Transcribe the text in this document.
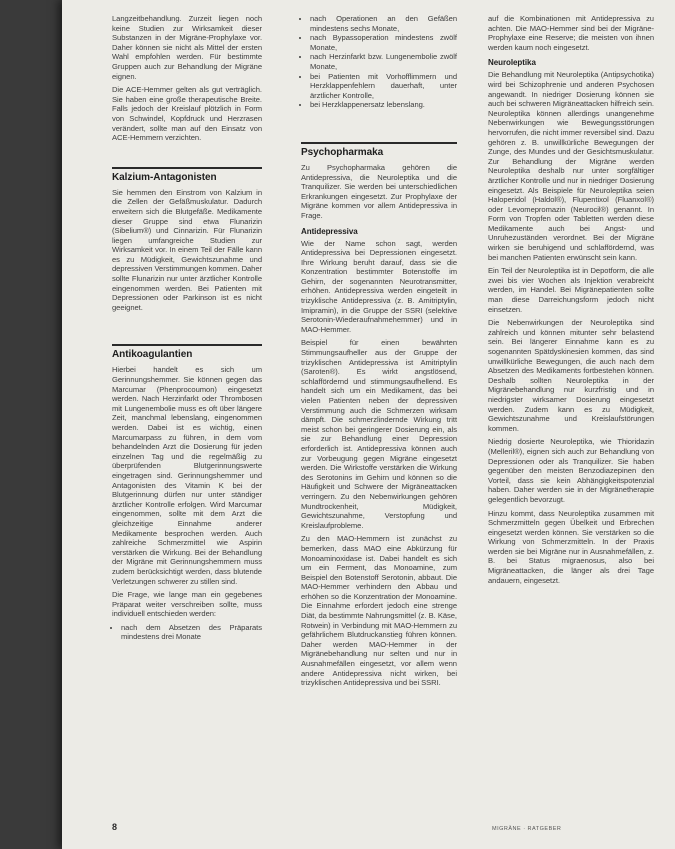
Langzeitbehandlung. Zurzeit liegen noch keine Studien zur Wirksamkeit dieser Substanzen in der Migräne-Prophylaxe vor. Daher können sie nicht als Mittel der ersten Wahl empfohlen werden. Für bestimmte Gruppen auch zur Behandlung der Migräne eignen.

Die ACE-Hemmer gelten als gut verträglich. Sie haben eine große therapeutische Breite. Falls jedoch der Kreislauf plötzlich in Form von Schwindel, Kopfdruck und Herzrasen verändert, sollte man auf den Einsatz von ACE-Hemmern verzichten.

Kalzium-Antagonisten

Sie hemmen den Einstrom von Kalzium in die Zellen der Gefäßmuskulatur. Dadurch erweitern sich die Blutgefäße. Medikamente dieser Gruppe sind etwa Flunarizin (Sibelium®) und Cinnarizin. Für Flunarizin liegen umfangreiche Studien zur Wirksamkeit vor. In einem Teil der Fälle kann es zu Müdigkeit, Gewichtszunahme und depressiven Verstimmungen kommen. Daher sollte Flunarizin nur unter ärztlicher Kontrolle eingenommen werden. Bei Patienten mit Depressionen oder Parkinson ist es nicht geeignet.

Antikoagulantien

Hierbei handelt es sich um Gerinnungshemmer. Sie können gegen das Marcumar (Phenprocoumon) eingesetzt werden. Nach Herzinfarkt oder Thrombosen mit Lungenembolie muss es oft über längere Zeit, manchmal lebenslang, eingenommen werden. Dabei ist es wichtig, einen Marcumarpass zu führen, in dem vom behandelnden Arzt die Dosierung für jeden einzelnen Tag und die regelmäßig zu überprüfenden Blutgerinnungswerte eingetragen sind. Gerinnungshemmer und Antagonisten des Vitamin K bei der Blutgerinnung dürfen nur unter ständiger ärztlicher Kontrolle erfolgen. Wird Marcumar eingenommen, sollte mit dem Arzt die gleichzeitige Einnahme anderer Medikamente besprochen werden. Auch zahlreiche Schmerzmittel wie Aspirin verstärken die Wirkung. Bei der Behandlung der Migräne mit Gerinnungshemmern muss zudem berücksichtigt werden, dass blutende Verletzungen schwerer zu stillen sind.

Die Frage, wie lange man ein gegebenes Präparat weiter verschreiben sollte, muss individuell entschieden werden:

• nach dem Absetzen des Präparats mindestens drei Monate
• nach Operationen an den Gefäßen mindestens sechs Monate,
• nach Bypassoperation mindestens zwölf Monate,
• nach Herzinfarkt bzw. Lungenembolie zwölf Monate,
• bei Patienten mit Vorhofflimmern und Herzklappenfehlern dauerhaft, unter ärztlicher Kontrolle,
• bei Herzklappenersatz lebenslang.
Psychopharmaka

Zu Psychopharmaka gehören die Antidepressiva, die Neuroleptika und die Tranquilizer. Sie werden bei unterschiedlichen Erkrankungen eingesetzt. Zur Prophylaxe der Migräne kommen vor allem Antidepressiva in Frage.

Antidepressiva

Wie der Name schon sagt, werden Antidepressiva bei Depressionen eingesetzt. Ihre Wirkung beruht darauf, dass sie die Konzentration bestimmter Botenstoffe im Gehirn, der sogenannten Neurotransmitter, erhöhen. Antidepressiva werden eingeteilt in trizyklische Antidepressiva (z. B. Amitriptylin, Imipramin), in die Gruppe der SSRI (selektive Serotonin-Wiederaufnahmehemmer) und in MAO-Hemmer.

Beispiel für einen bewährten Stimmungsaufheller aus der Gruppe der trizyklischen Antidepressiva ist Amitriptylin (Saroten®). Es wirkt angstlösend, schlaffördernd und stimmungsaufhellend. Es handelt sich um ein Medikament, das bei vielen Patienten neben der depressiven Verstimmung auch die Schmerzen wirksam dämpft. Die schmerzlindernde Wirkung tritt meist schon bei geringerer Dosierung ein, als sie zur Behandlung einer Depression erforderlich ist. Antidepressiva können auch zur Vorbeugung gegen Migräne eingesetzt werden. Die Wirkstoffe verstärken die Wirkung des Serotonins im Gehirn und können so die Häufigkeit und Schwere der Migräneattacken verringern. Zu den Nebenwirkungen gehören Mundtrockenheit, Müdigkeit, Gewichtszunahme, Verstopfung und Kreislaufprobleme.

Zu den MAO-Hemmern ist zunächst zu bemerken, dass MAO eine Abkürzung für Monoaminoxidase ist. Dabei handelt es sich um ein Ferment, das Monoamine, zum Beispiel den Botenstoff Serotonin, abbaut. Die MAO-Hemmer verhindern den Abbau und erhöhen so die Konzentration der Monoamine. Die Einnahme erfordert jedoch eine strenge Diät, da bestimmte Nahrungsmittel (z. B. Käse, Rotwein) in Verbindung mit MAO-Hemmern zu gefährlichem Blutdruckanstieg führen können. Daher werden MAO-Hemmer in der Migränebehandlung nur selten und nur in Ausnahmefällen eingesetzt, vor allem wenn andere Antidepressiva nicht wirken, bei trizyklischen Antidepressiva und bei SSRI.

auf die Kombinationen mit Antidepressiva zu achten. Die MAO-Hemmer sind bei der Migräne-Prophylaxe eine Reserve; die meisten von ihnen werden kaum noch eingesetzt.

Neuroleptika

Die Behandlung mit Neuroleptika (Antipsychotika) wird bei Schizophrenie und anderen Psychosen angewandt. In niedriger Dosierung können sie auch bei schweren Migräneattacken hilfreich sein. Neuroleptika können allerdings unangenehme Nebenwirkungen wie Bewegungsstörungen hervorrufen, die nicht immer reversibel sind. Dazu gehören z. B. unwillkürliche Bewegungen der Zunge, des Mundes und der Gesichtsmuskulatur. Zur Behandlung der Migräne werden Neuroleptika deshalb nur unter sorgfältiger ärztlicher Kontrolle und nur in niedriger Dosierung eingesetzt. Als Beispiele für Neuroleptika seien Haloperidol (Haldol®), Flupentixol (Fluanxol®) oder Levomepromazin (Neurocil®) genannt. In Form von Tropfen oder Tabletten werden diese Medikamente auch bei Angst- und Unruhezuständen verordnet. Bei der Migräne wirken sie beruhigend und schlaffördernd, was bei manchen Patienten erwünscht sein kann.

Ein Teil der Neuroleptika ist in Depotform, die alle zwei bis vier Wochen als Injektion verabreicht werden, im Handel. Bei Migränepatienten sollte man diese Darreichungsform jedoch nicht einsetzen.

Die Nebenwirkungen der Neuroleptika sind zahlreich und können mitunter sehr belastend sein. Bei längerer Einnahme kann es zu sogenannten Spätdyskinesien kommen, das sind unwillkürliche Bewegungen, die auch nach dem Absetzen des Medikaments fortbestehen können. Deshalb sollten Neuroleptika in der Migränebehandlung nur kurzfristig und in niedrigster wirksamer Dosierung eingesetzt werden. Zudem kann es zu Müdigkeit, Gewichtszunahme und Kreislaufstörungen kommen.

Niedrig dosierte Neuroleptika, wie Thioridazin (Melleril®), eignen sich auch zur Behandlung von Depressionen oder als Tranquilizer. Sie haben gegenüber den meisten Benzodiazepinen den Vorteil, dass sie kein Abhängigkeitspotenzial haben. Daher werden sie in der Migränetherapie gelegentlich bevorzugt.

Hinzu kommt, dass Neuroleptika zusammen mit Schmerzmitteln gegen Übelkeit und Erbrechen eingesetzt werden können. Sie verstärken so die Wirkung von Schmerzmitteln. In der Praxis werden sie bei Migräne nur in Ausnahmefällen, z. B. bei Status migraenosus, also bei Migräneattacken, die länger als drei Tage andauern, eingesetzt.

8	MIGRÄNE · RATGEBER
